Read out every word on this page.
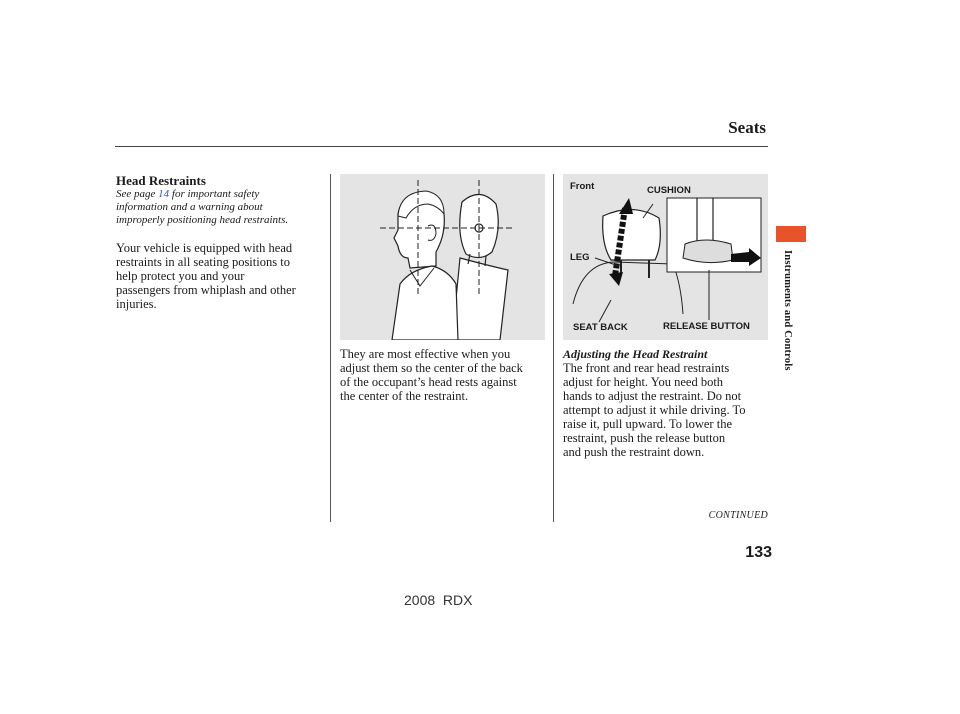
Seats
Instruments and Controls
Head Restraints
See page 14 for important safety
information and a warning about
improperly positioning head restraints.
Your vehicle is equipped with head
restraints in all seating positions to
help protect you and your
passengers from whiplash and other
injuries.
They are most effective when you
adjust them so the center of the back
of the occupant’s head rests against
the center of the restraint.
Front	CUSHION
LEG
SEAT BACK	RELEASE BUTTON
Adjusting the Head Restraint
The front and rear head restraints
adjust for height. You need both
hands to adjust the restraint. Do not
attempt to adjust it while driving. To
raise it, pull upward. To lower the
restraint, push the release button
and push the restraint down.
CONTINUED
133
2008  RDX
